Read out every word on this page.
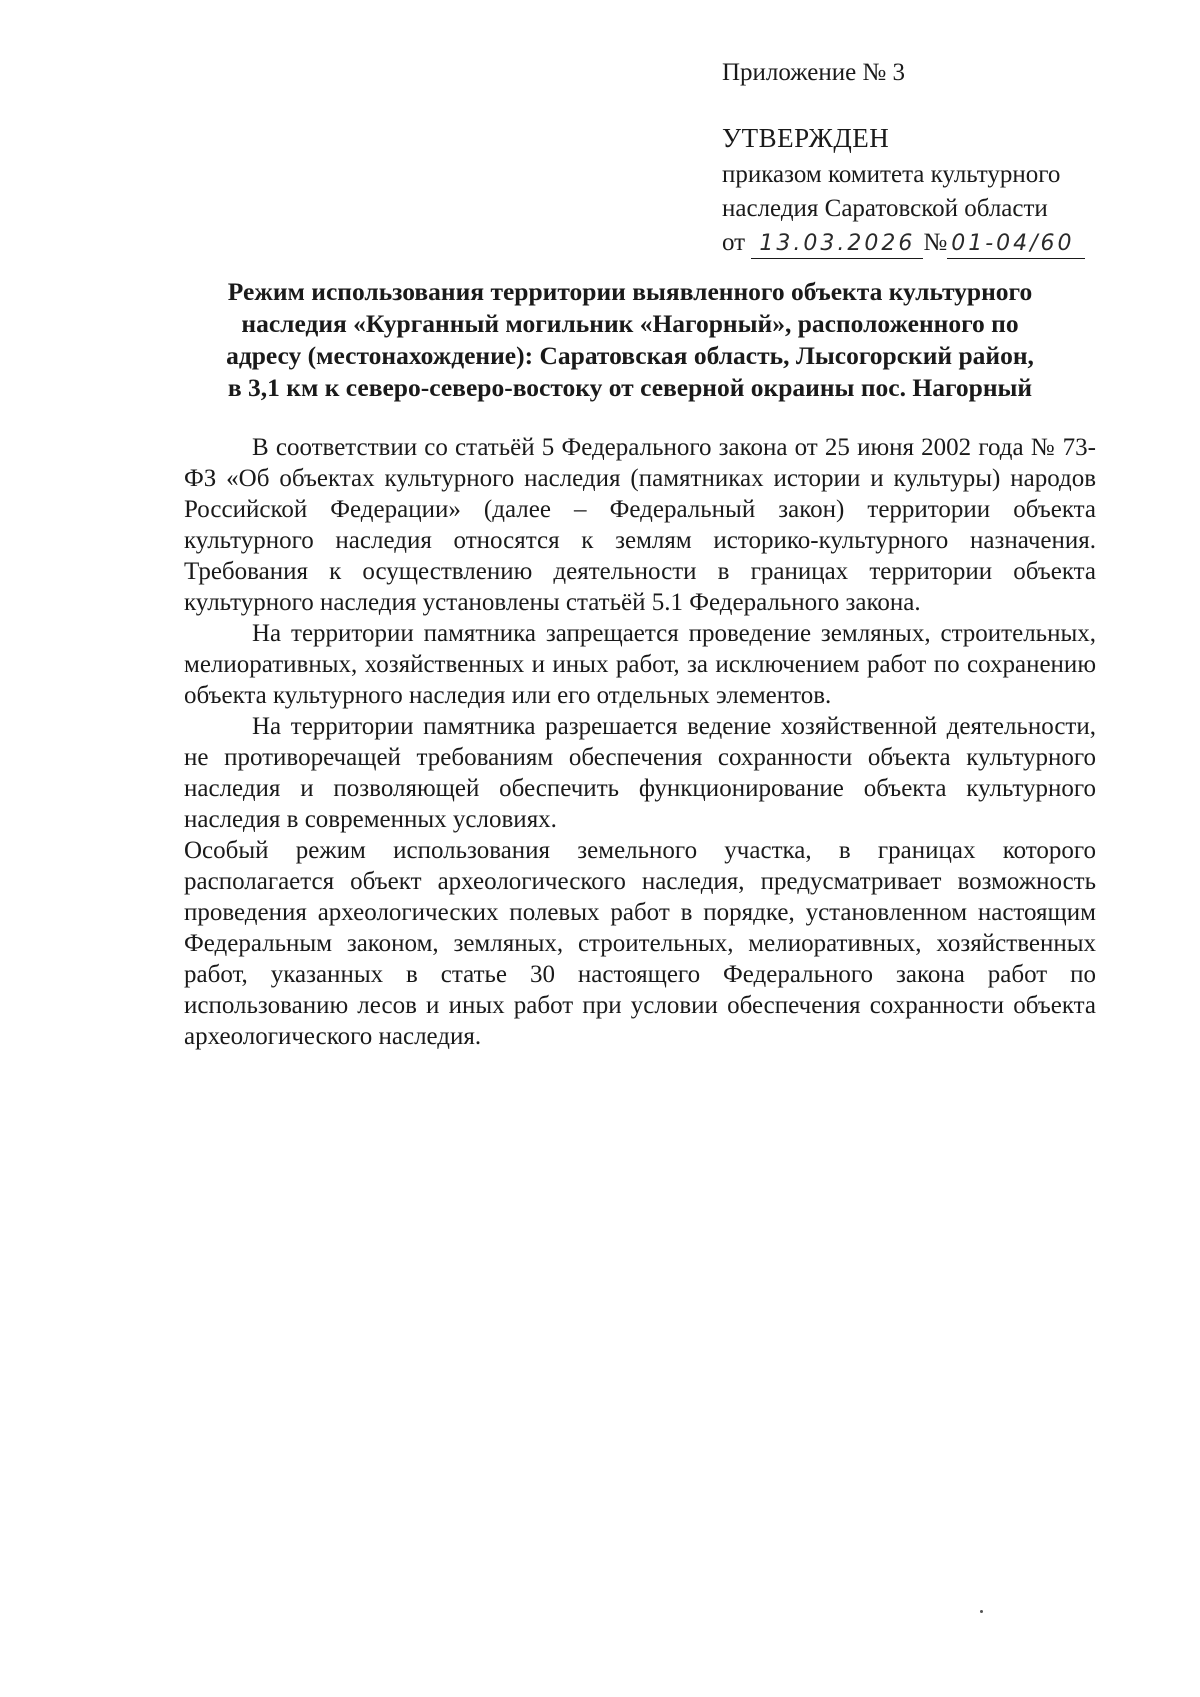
Приложение № 3

УТВЕРЖДЕН

приказом комитета культурного

наследия Саратовской области

от 13.03.2026 № 01-04/60

Режим использования территории выявленного объекта культурного
наследия «Курганный могильник «Нагорный», расположенного по
адресу (местонахождение): Саратовская область, Лысогорский район,
в 3,1 км к северо-северо-востоку от северной окраины пос. Нагорный

В соответствии со статьёй 5 Федерального закона от 25 июня 2002 года № 73-ФЗ «Об объектах культурного наследия (памятниках истории и культуры) народов Российской Федерации» (далее – Федеральный закон) территории объекта культурного наследия относятся к землям историко-культурного назначения. Требования к осуществлению деятельности в границах территории объекта культурного наследия установлены статьёй 5.1 Федерального закона.

На территории памятника запрещается проведение земляных, строительных, мелиоративных, хозяйственных и иных работ, за исключением работ по сохранению объекта культурного наследия или его отдельных элементов.

На территории памятника разрешается ведение хозяйственной деятельности, не противоречащей требованиям обеспечения сохранности объекта культурного наследия и позволяющей обеспечить функционирование объекта культурного наследия в современных условиях.

Особый режим использования земельного участка, в границах которого располагается объект археологического наследия, предусматривает возможность проведения археологических полевых работ в порядке, установленном настоящим Федеральным законом, земляных, строительных, мелиоративных, хозяйственных работ, указанных в статье 30 настоящего Федерального закона работ по использованию лесов и иных работ при условии обеспечения сохранности объекта археологического наследия.
